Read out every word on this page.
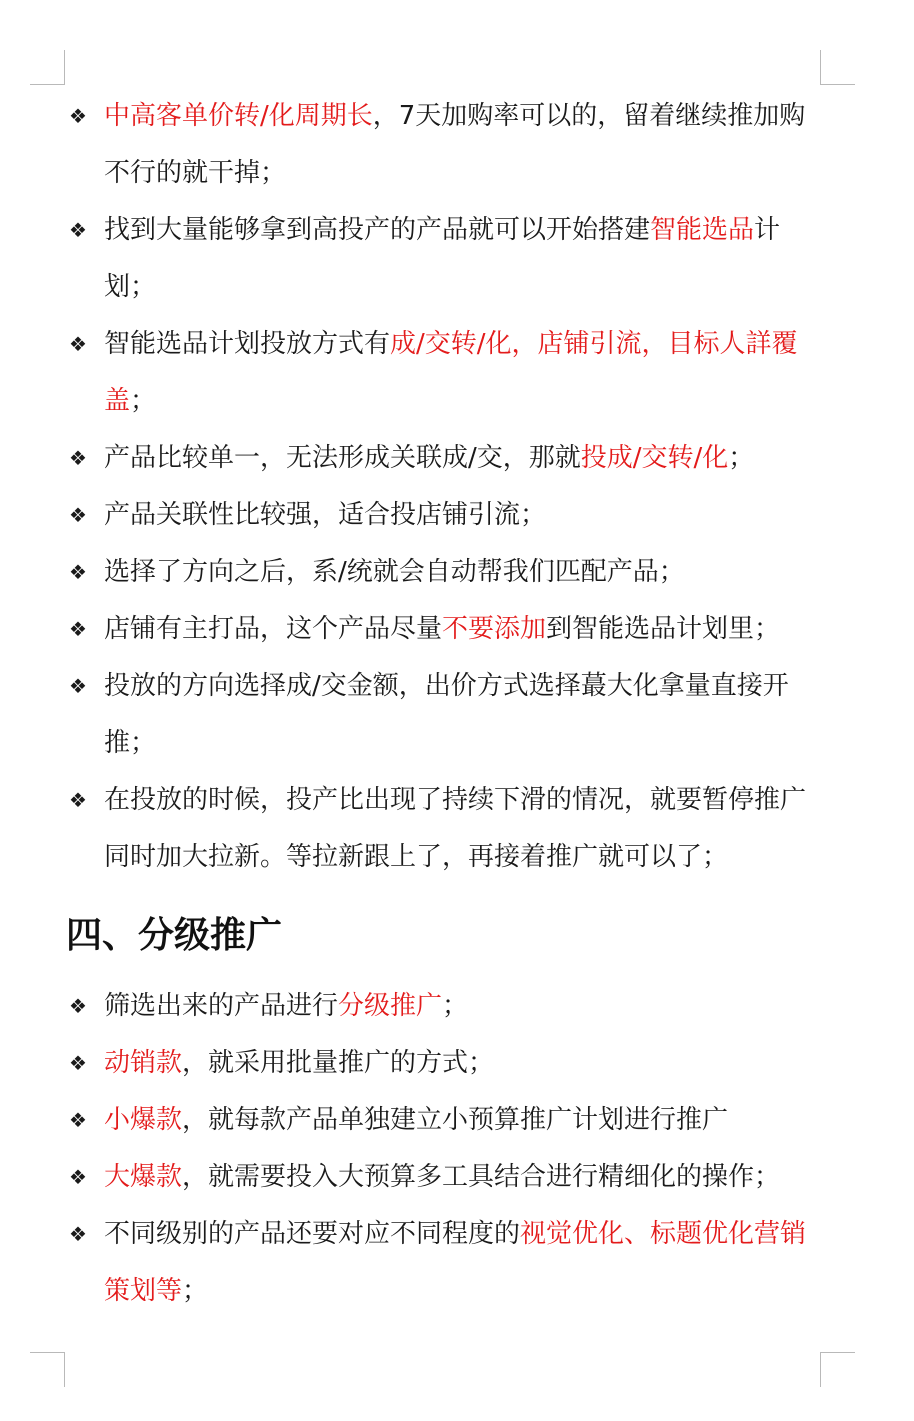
❖ 中高客单价转/化周期长，7天加购率可以的，留着继续推加购不行的就干掉；
❖ 找到大量能够拿到高投产的产品就可以开始搭建智能选品计划；
❖ 智能选品计划投放方式有成/交转/化，店铺引流，目标人詳覆盖；
❖ 产品比较单一，无法形成关联成/交，那就投成/交转/化；
❖ 产品关联性比较强，适合投店铺引流；
❖ 选择了方向之后，系/统就会自动帮我们匹配产品；
❖ 店铺有主打品，这个产品尽量不要添加到智能选品计划里；
❖ 投放的方向选择成/交金额，出价方式选择蕞大化拿量直接开推；
❖ 在投放的时候，投产比出现了持续下滑的情况，就要暂停推广同时加大拉新。等拉新跟上了，再接着推广就可以了；
四、分级推广
❖ 筛选出来的产品进行分级推广；
❖ 动销款，就采用批量推广的方式；
❖ 小爆款，就每款产品单独建立小预算推广计划进行推广
❖ 大爆款，就需要投入大预算多工具结合进行精细化的操作；
❖ 不同级别的产品还要对应不同程度的视觉优化、标题优化营销策划等；
